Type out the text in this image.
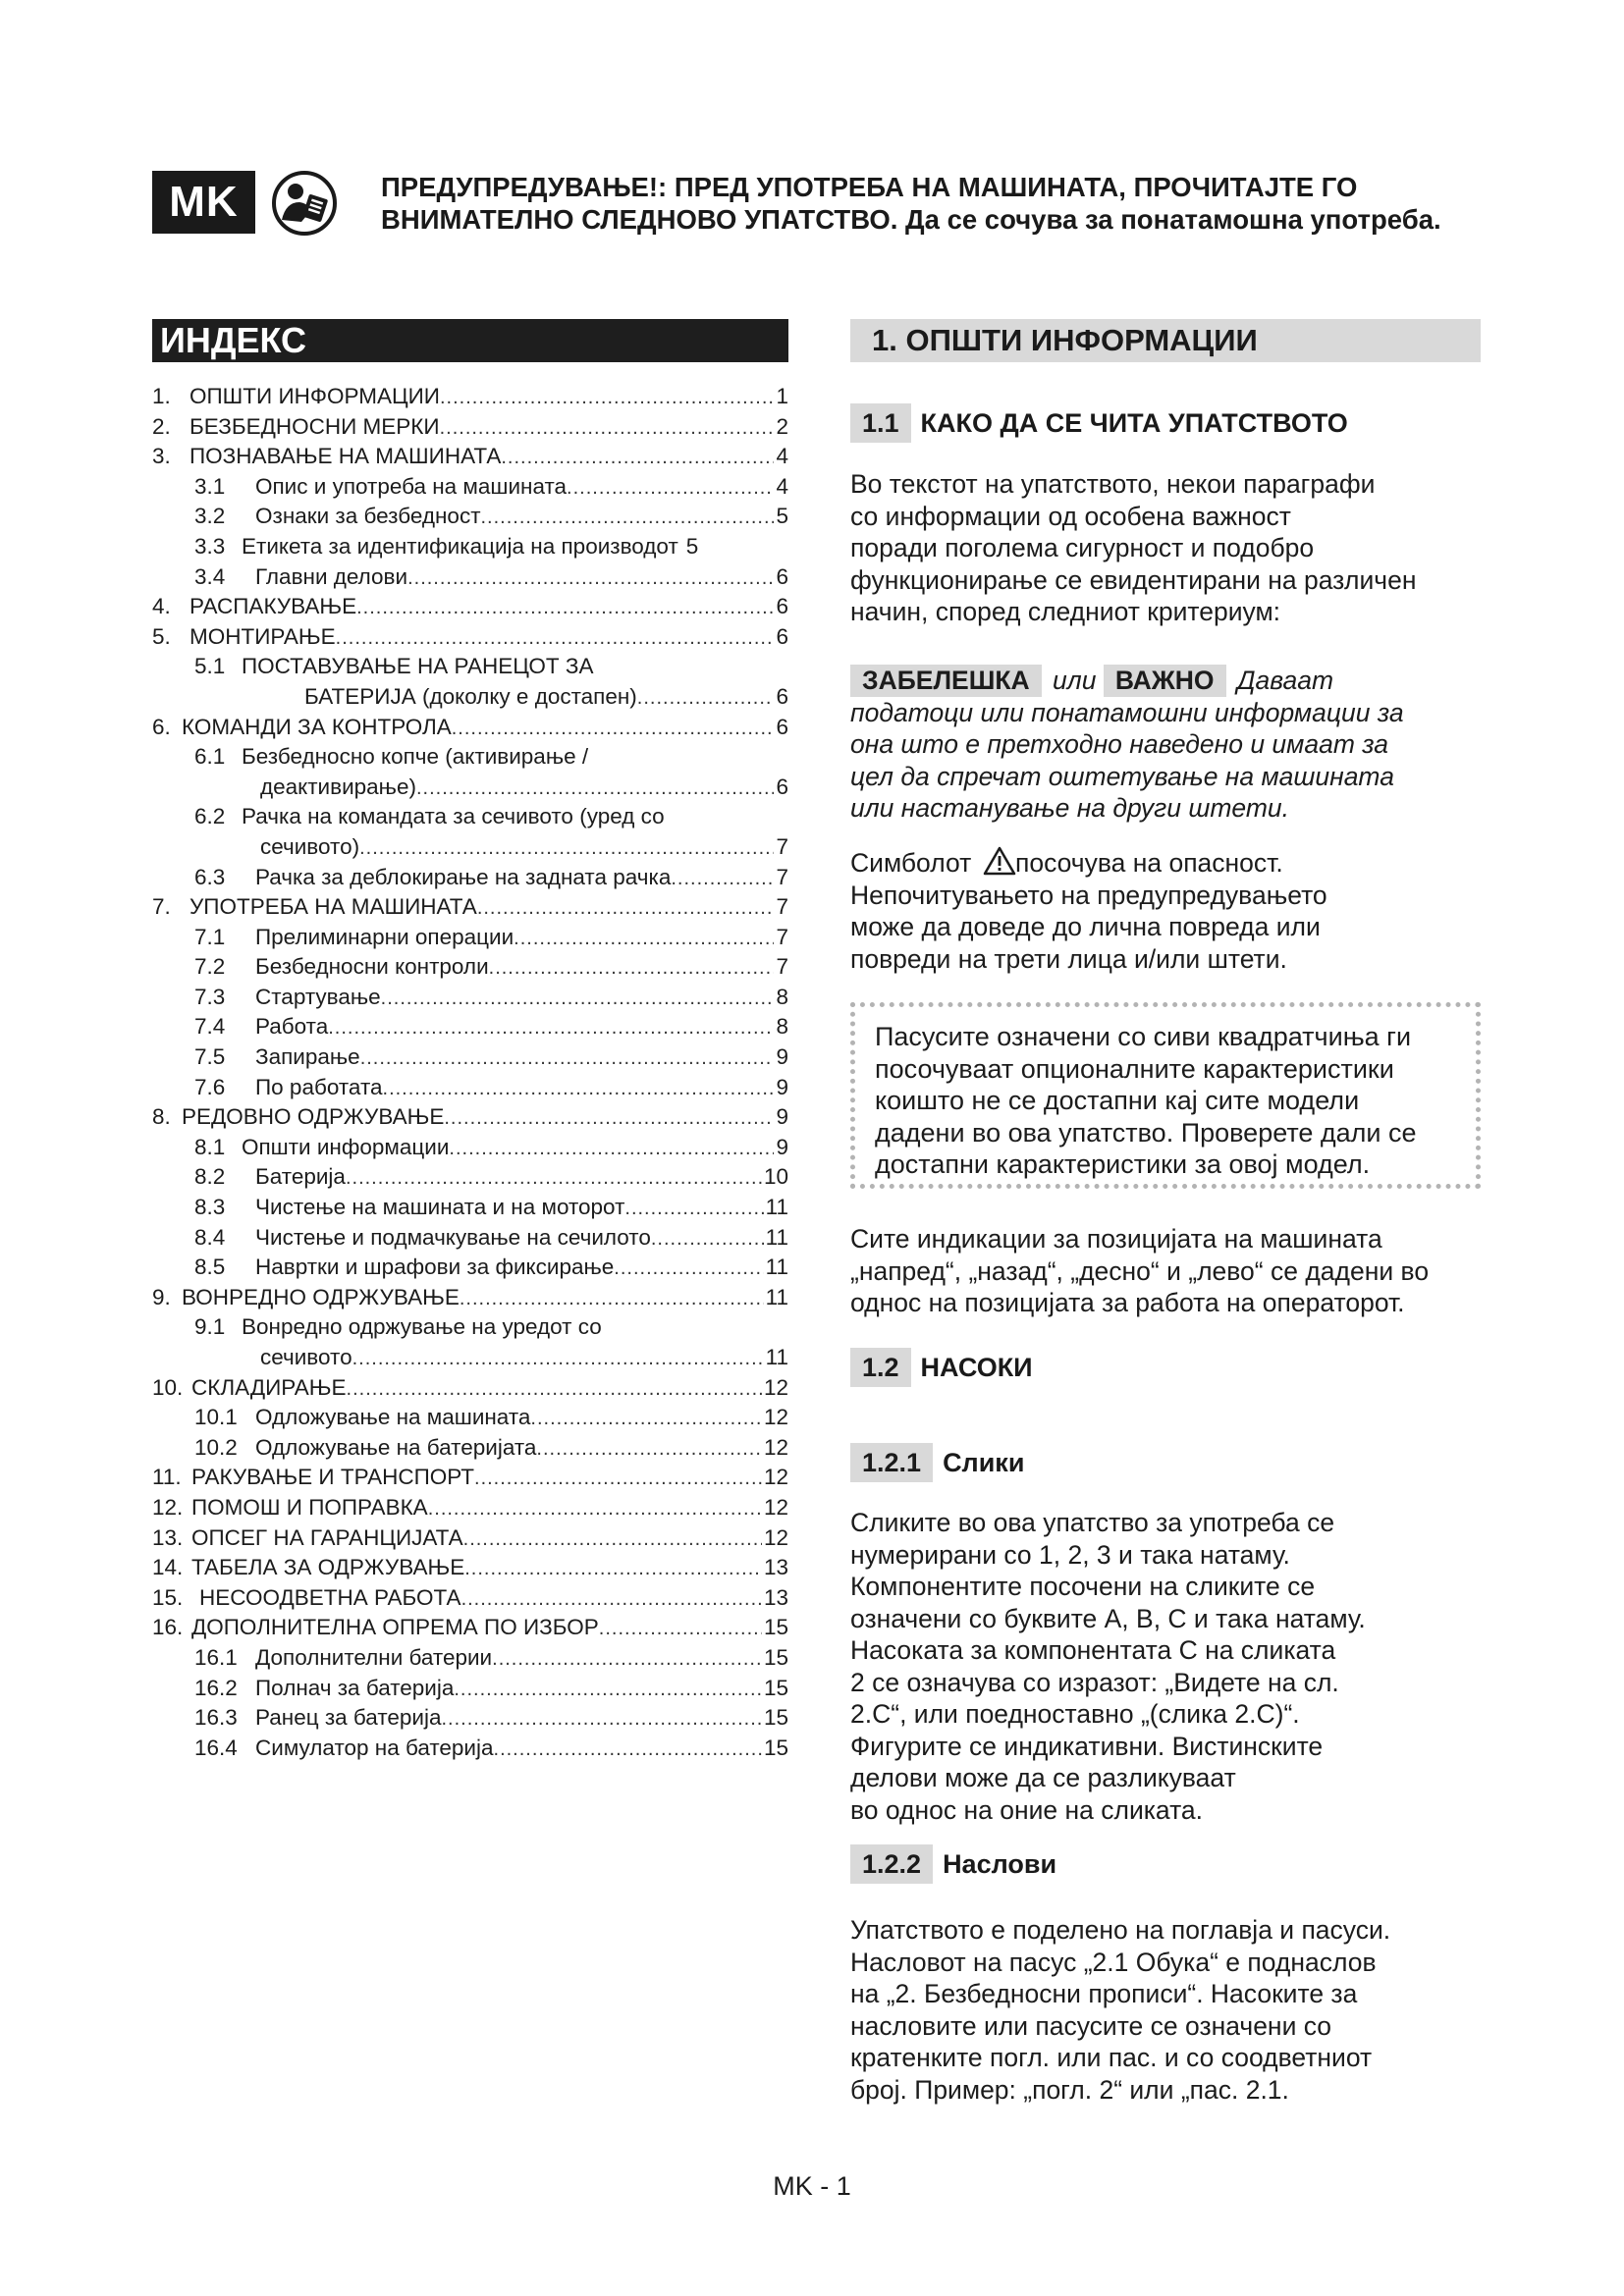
MK	ПРЕДУПРЕДУВАЊЕ!: ПРЕД УПОТРЕБА НА МАШИНАТА, ПРОЧИТАЈТЕ ГО
ВНИМАТЕЛНО СЛЕДНОВО УПАТСТВО. Да се сочува за понатамошна употреба.
ИНДЕКС
1. ОПШТИ ИНФОРМАЦИИ .....	1
2. БЕЗБЕДНОСНИ МЕРКИ .....	2
3. ПОЗНАВАЊЕ НА МАШИНАТА .....	4
3.1	Опис и употреба на машината .....	4
3.2	Ознаки за безбедност .....	5
3.3 Етикета за идентификација на производот 5
3.4	Главни делови .....	6
4. РАСПАКУВАЊЕ .....	6
5. МОНТИРАЊЕ .....	6
5.1 ПОСТАВУВАЊЕ НА РАНЕЦОТ ЗА
БАТЕРИЈА (доколку е достапен) .....	6
6. КОМАНДИ ЗА КОНТРОЛА .....	6
6.1 Безбедносно копче (активирање /
деактивирање) .....	6
6.2 Рачка на командата за сечивото (уред со
сечивото) .....	7
6.3	Рачка за деблокирање на задната рачка .....	7
7. УПОТРЕБА НА МАШИНАТА .....	7
7.1	Прелиминарни операции .....	7
7.2	Безбедносни контроли .....	7
7.3	Стартување .....	8
7.4	Работа .....	8
7.5	Запирање .....	9
7.6	По работата .....	9
8. РЕДОВНО ОДРЖУВАЊЕ .....	9
8.1 Општи информации .....	9
8.2	Батерија .....	10
8.3	Чистење на машината и на моторот .....	11
8.4	Чистење и подмачкување на сечилото .....	11
8.5	Навртки и шрафови за фиксирање .....	11
9. ВОНРЕДНО ОДРЖУВАЊЕ .....	11
9.1 Вонредно одржување на уредот со
сечивото .....	11
10. СКЛАДИРАЊЕ .....	12
10.1 Одложување на машината .....	12
10.2 Одложување на батеријата .....	12
11. РАКУВАЊЕ И ТРАНСПОРТ .....	12
12. ПОМОШ И ПОПРАВКА .....	12
13. ОПСЕГ НА ГАРАНЦИЈАТА .....	12
14. ТАБЕЛА ЗА ОДРЖУВАЊЕ .....	13
15. НЕСООДВЕТНА РАБОТА .....	13
16. ДОПОЛНИТЕЛНА ОПРЕМА ПО ИЗБОР .....	15
16.1 Дополнителни батерии .....	15
16.2 Полнач за батерија .....	15
16.3 Ранец за батерија .....	15
16.4 Симулатор на батерија .....	15
1. ОПШТИ ИНФОРМАЦИИ
1.1 КАКО ДА СЕ ЧИТА УПАТСТВОТО
Во текстот на упатството, некои параграфи
со информации од особена важност
поради поголема сигурност и подобро
функционирање се евидентирани на различен
начин, според следниот критериум:
ЗАБЕЛЕШКА или ВАЖНО Даваат
податоци или понатамошни информации за
она што е претходно наведено и имаат за
цел да спречат оштетување на машината
или настанување на други штети.
Симболот посочува на опасност.
Непочитувањето на предупредувањето
може да доведе до лична повреда или
повреди на трети лица и/или штети.
Пасусите означени со сиви квадратчиња ги
посочуваат опционалните карактеристики
коишто не се достапни кај сите модели
дадени во ова упатство. Проверете дали се
достапни карактеристики за овој модел.
Сите индикации за позицијата на машината
„напред“, „назад“, „десно“ и „лево“ се дадени во
однос на позицијата за работа на операторот.
1.2 НАСОКИ
1.2.1 Слики
Сликите во ова упатство за употреба се
нумерирани со 1, 2, 3 и така натаму.
Компонентите посочени на сликите се
означени со буквите A, B, C и така натаму.
Насоката за компонентата C на сликата
2 се означува со изразот: „Видете на сл.
2.C“, или поедноставно „(слика 2.C)“.
Фигурите се индикативни. Вистинските
делови може да се разликуваат
во однос на оние на сликата.
1.2.2 Наслови
Упатството е поделено на поглавја и пасуси.
Насловот на пасус „2.1 Обука“ е поднаслов
на „2. Безбедносни прописи“. Насоките за
насловите или пасусите се означени со
кратенките погл. или пас. и со соодветниот
број. Пример: „погл. 2“ или „пас. 2.1.
MK - 1
